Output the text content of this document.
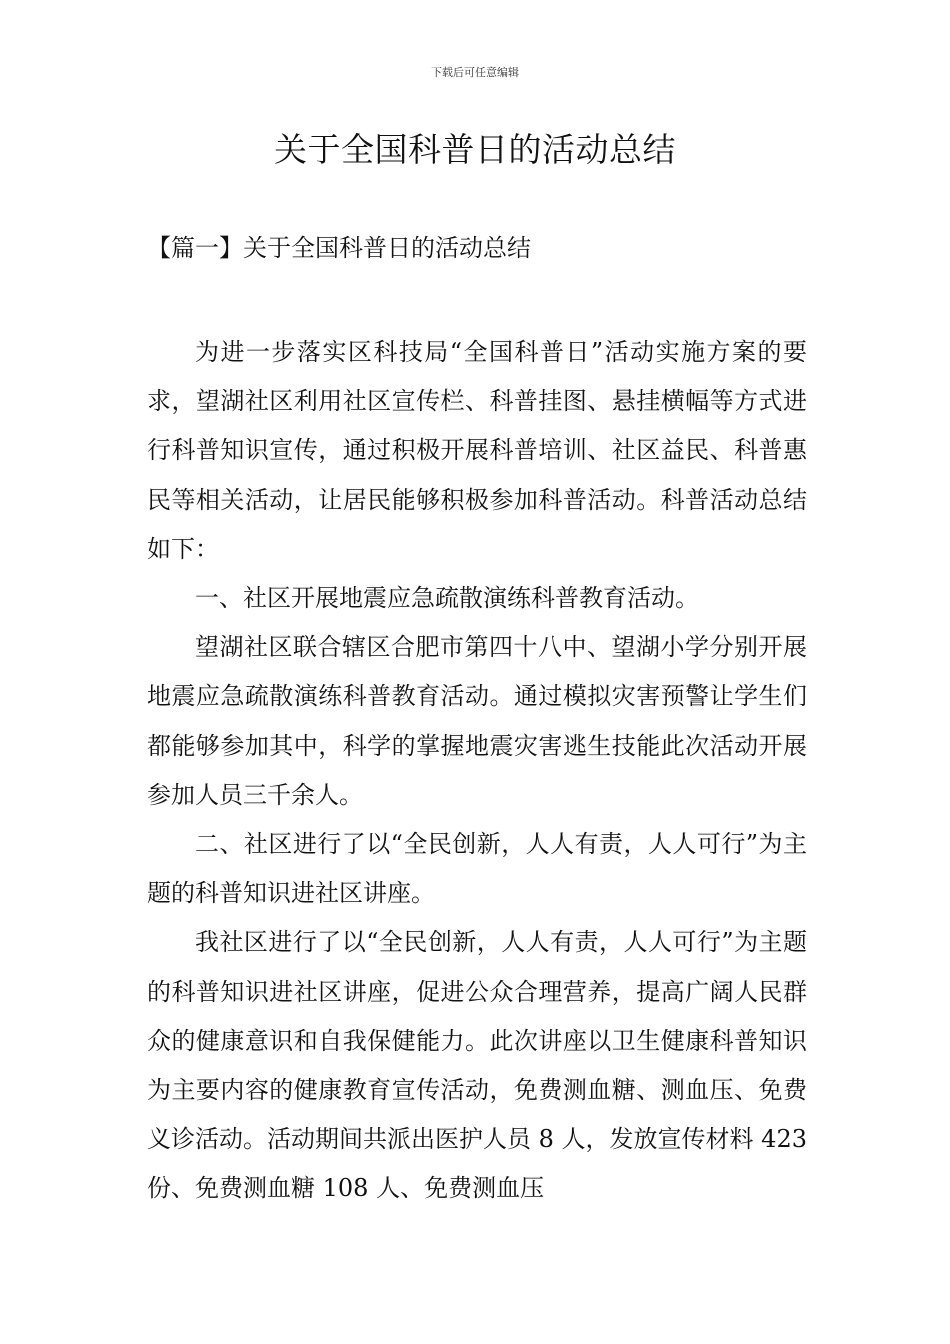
下载后可任意编辑
关于全国科普日的活动总结
【篇一】关于全国科普日的活动总结

为进一步落实区科技局“全国科普日”活动实施方案的要求，望湖社区利用社区宣传栏、科普挂图、悬挂横幅等方式进行科普知识宣传，通过积极开展科普培训、社区益民、科普惠民等相关活动，让居民能够积极参加科普活动。科普活动总结如下：

一、社区开展地震应急疏散演练科普教育活动。

望湖社区联合辖区合肥市第四十八中、望湖小学分别开展地震应急疏散演练科普教育活动。通过模拟灾害预警让学生们都能够参加其中，科学的掌握地震灾害逃生技能此次活动开展参加人员三千余人。

二、社区进行了以“全民创新，人人有责，人人可行”为主题的科普知识进社区讲座。

我社区进行了以“全民创新，人人有责，人人可行”为主题的科普知识进社区讲座，促进公众合理营养，提高广阔人民群众的健康意识和自我保健能力。此次讲座以卫生健康科普知识为主要内容的健康教育宣传活动，免费测血糖、测血压、免费义诊活动。活动期间共派出医护人员 8 人，发放宣传材料 423 份、免费测血糖 108 人、免费测血压
